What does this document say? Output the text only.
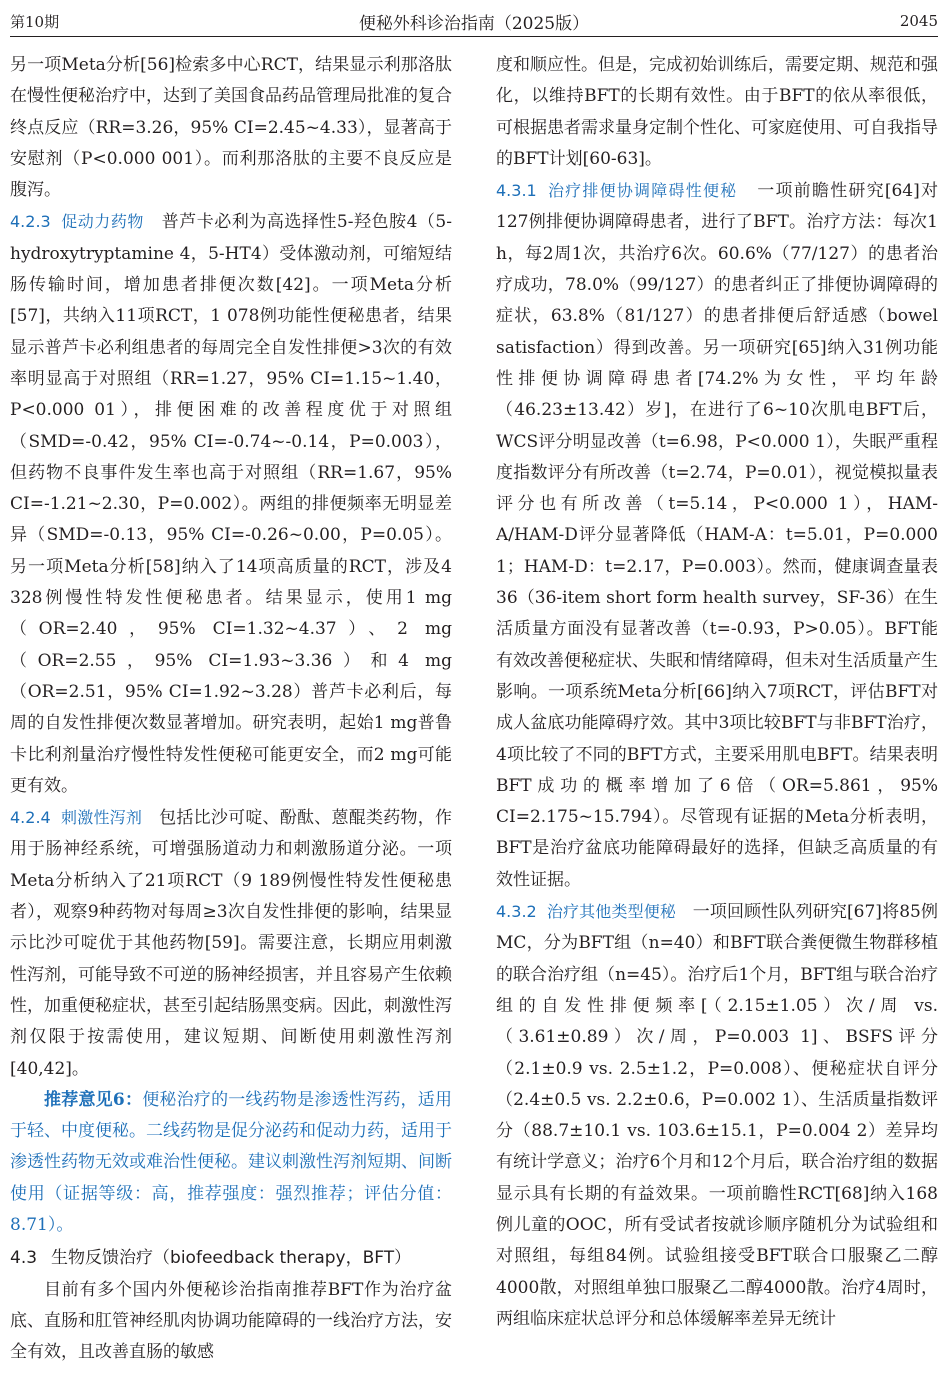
第10期	便秘外科诊治指南（2025版）	2045

另一项Meta分析[56]检索多中心RCT，结果显示利那洛肽在慢性便秘治疗中，达到了美国食品药品管理局批准的复合终点反应（RR=3.26，95% CI=2.45~4.33），显著高于安慰剂（P<0.000 001）。而利那洛肽的主要不良反应是腹泻。

4.2.3 促动力药物 普芦卡必利为高选择性5-羟色胺4（5-hydroxytryptamine 4，5-HT4）受体激动剂，可缩短结肠传输时间，增加患者排便次数[42]。一项Meta分析[57]，共纳入11项RCT，1 078例功能性便秘患者，结果显示普芦卡必利组患者的每周完全自发性排便>3次的有效率明显高于对照组（RR=1.27，95% CI=1.15~1.40，P<0.000 01），排便困难的改善程度优于对照组（SMD=-0.42，95% CI=-0.74~-0.14，P=0.003），但药物不良事件发生率也高于对照组（RR=1.67，95% CI=-1.21~2.30，P=0.002）。两组的排便频率无明显差异（SMD=-0.13，95% CI=-0.26~0.00，P=0.05）。另一项Meta分析[58]纳入了14项高质量的RCT，涉及4 328例慢性特发性便秘患者。结果显示，使用1 mg（OR=2.40，95% CI=1.32~4.37）、2 mg（OR=2.55，95% CI=1.93~3.36）和4 mg（OR=2.51，95% CI=1.92~3.28）普芦卡必利后，每周的自发性排便次数显著增加。研究表明，起始1 mg普鲁卡比利剂量治疗慢性特发性便秘可能更安全，而2 mg可能更有效。

4.2.4 刺激性泻剂 包括比沙可啶、酚酞、蒽醌类药物，作用于肠神经系统，可增强肠道动力和刺激肠道分泌。一项Meta分析纳入了21项RCT（9 189例慢性特发性便秘患者），观察9种药物对每周≥3次自发性排便的影响，结果显示比沙可啶优于其他药物[59]。需要注意，长期应用刺激性泻剂，可能导致不可逆的肠神经损害，并且容易产生依赖性，加重便秘症状，甚至引起结肠黑变病。因此，刺激性泻剂仅限于按需使用，建议短期、间断使用刺激性泻剂[40,42]。

推荐意见6：便秘治疗的一线药物是渗透性泻药，适用于轻、中度便秘。二线药物是促分泌药和促动力药，适用于渗透性药物无效或难治性便秘。建议刺激性泻剂短期、间断使用（证据等级：高，推荐强度：强烈推荐；评估分值：8.71）。

4.3 生物反馈治疗（biofeedback therapy，BFT）

目前有多个国内外便秘诊治指南推荐BFT作为治疗盆底、直肠和肛管神经肌肉协调功能障碍的一线治疗方法，安全有效，且改善直肠的敏感

度和顺应性。但是，完成初始训练后，需要定期、规范和强化，以维持BFT的长期有效性。由于BFT的依从率很低，可根据患者需求量身定制个性化、可家庭使用、可自我指导的BFT计划[60-63]。

4.3.1 治疗排便协调障碍性便秘 一项前瞻性研究[64]对127例排便协调障碍患者，进行了BFT。治疗方法：每次1 h，每2周1次，共治疗6次。60.6%（77/127）的患者治疗成功，78.0%（99/127）的患者纠正了排便协调障碍的症状，63.8%（81/127）的患者排便后舒适感（bowel satisfaction）得到改善。另一项研究[65]纳入31例功能性排便协调障碍患者[74.2%为女性，平均年龄（46.23±13.42）岁]，在进行了6~10次肌电BFT后，WCS评分明显改善（t=6.98，P<0.000 1），失眠严重程度指数评分有所改善（t=2.74，P=0.01），视觉模拟量表评分也有所改善（t=5.14，P<0.000 1），HAM-A/HAM-D评分显著降低（HAM-A：t=5.01，P=0.000 1；HAM-D：t=2.17，P=0.003）。然而，健康调查量表36（36-item short form health survey，SF-36）在生活质量方面没有显著改善（t=-0.93，P>0.05）。BFT能有效改善便秘症状、失眠和情绪障碍，但未对生活质量产生影响。一项系统Meta分析[66]纳入7项RCT，评估BFT对成人盆底功能障碍疗效。其中3项比较BFT与非BFT治疗，4项比较了不同的BFT方式，主要采用肌电BFT。结果表明BFT成功的概率增加了6倍（OR=5.861，95% CI=2.175~15.794）。尽管现有证据的Meta分析表明，BFT是治疗盆底功能障碍最好的选择，但缺乏高质量的有效性证据。

4.3.2 治疗其他类型便秘 一项回顾性队列研究[67]将85例MC，分为BFT组（n=40）和BFT联合粪便微生物群移植的联合治疗组（n=45）。治疗后1个月，BFT组与联合治疗组的自发性排便频率[（2.15±1.05）次/周 vs.（3.61±0.89）次/周，P=0.003 1]、BSFS评分（2.1±0.9 vs. 2.5±1.2，P=0.008）、便秘症状自评分（2.4±0.5 vs. 2.2±0.6，P=0.002 1）、生活质量指数评分（88.7±10.1 vs. 103.6±15.1，P=0.004 2）差异均有统计学意义；治疗6个月和12个月后，联合治疗组的数据显示具有长期的有益效果。一项前瞻性RCT[68]纳入168例儿童的OOC，所有受试者按就诊顺序随机分为试验组和对照组，每组84例。试验组接受BFT联合口服聚乙二醇4000散，对照组单独口服聚乙二醇4000散。治疗4周时，两组临床症状总评分和总体缓解率差异无统计
